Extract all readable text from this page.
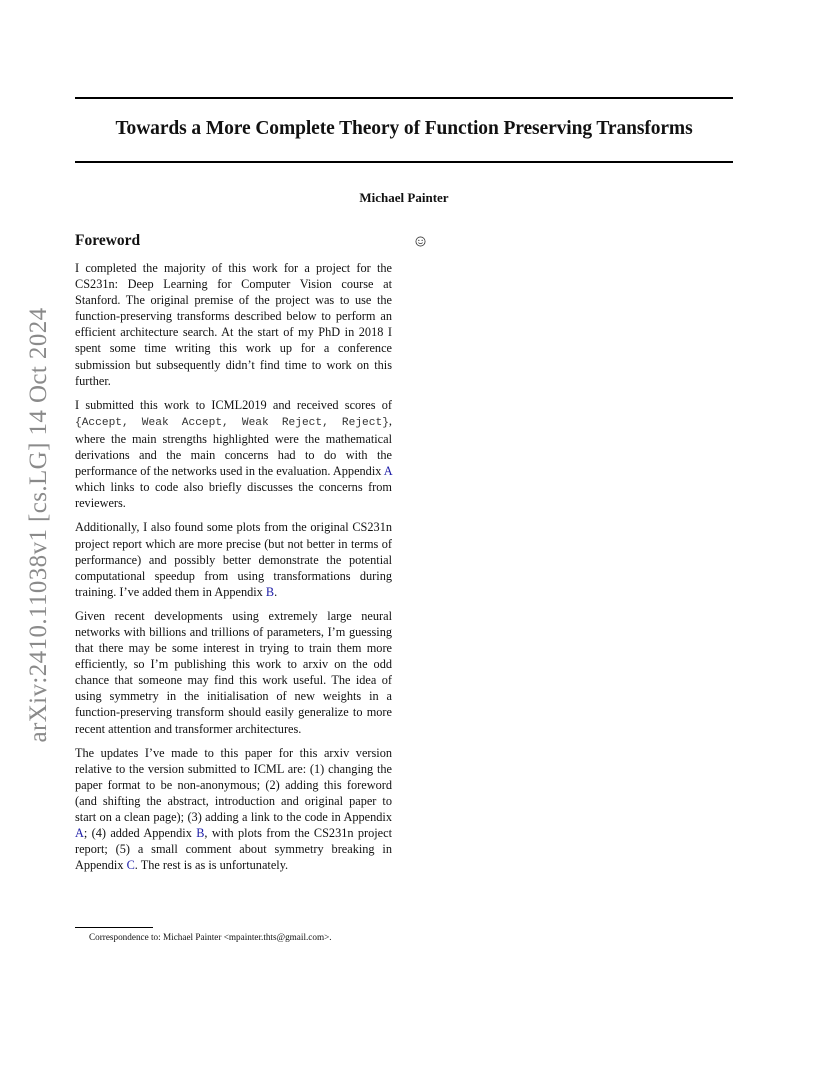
Towards a More Complete Theory of Function Preserving Transforms
Michael Painter
arXiv:2410.11038v1 [cs.LG] 14 Oct 2024
Foreword

I completed the majority of this work for a project for the CS231n: Deep Learning for Computer Vision course at Stanford. The original premise of the project was to use the function-preserving transforms described below to perform an efficient architecture search. At the start of my PhD in 2018 I spent some time writing this work up for a conference submission but subsequently didn’t find time to work on this further.

I submitted this work to ICML2019 and received scores of {Accept, Weak Accept, Weak Reject, Reject}, where the main strengths highlighted were the mathematical derivations and the main concerns had to do with the performance of the networks used in the evaluation. Appendix A which links to code also briefly discusses the concerns from reviewers.

Additionally, I also found some plots from the original CS231n project report which are more precise (but not better in terms of performance) and possibly better demonstrate the potential computational speedup from using transformations during training. I’ve added them in Appendix B.

Given recent developments using extremely large neural networks with billions and trillions of parameters, I’m guessing that there may be some interest in trying to train them more efficiently, so I’m publishing this work to arxiv on the odd chance that someone may find this work useful. The idea of using symmetry in the initialisation of new weights in a function-preserving transform should easily generalize to more recent attention and transformer architectures.

The updates I’ve made to this paper for this arxiv version relative to the version submitted to ICML are: (1) changing the paper format to be non-anonymous; (2) adding this foreword (and shifting the abstract, introduction and original paper to start on a clean page); (3) adding a link to the code in Appendix A; (4) added Appendix B, with plots from the CS231n project report; (5) a small comment about symmetry breaking in Appendix C. The rest is as is unfortunately.

Correspondence to: Michael Painter <mpainter.thts@gmail.com>.
